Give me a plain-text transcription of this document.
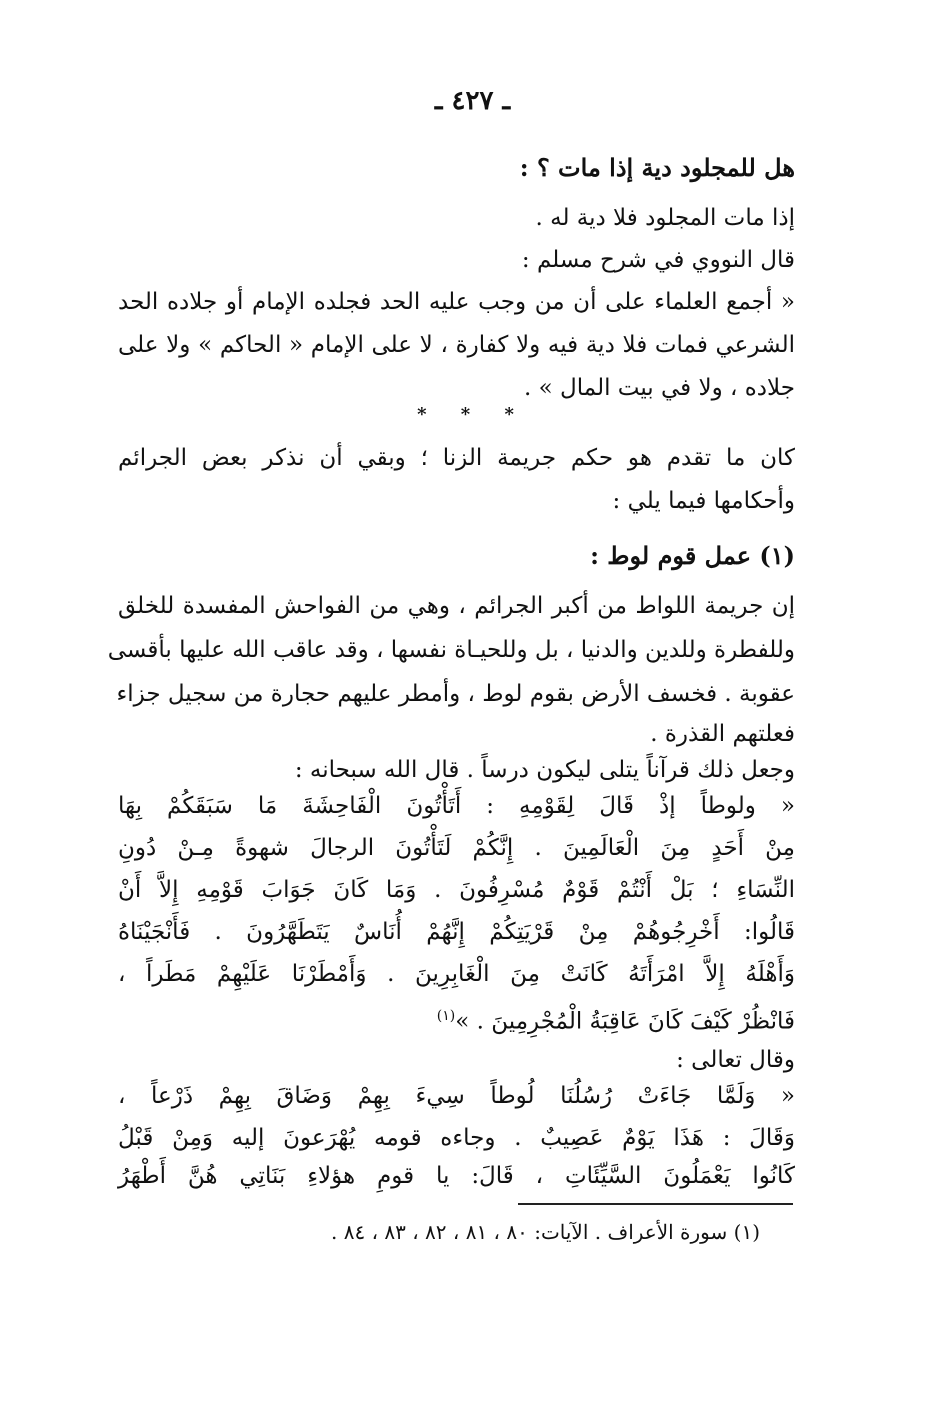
ـ ٤٢٧ ـ
هل للمجلود دية إذا مات ؟ :
إذا مات المجلود فلا دية له .
قال النووي في شرح مسلم :
« أجمع العلماء على أن من وجب عليه الحد فجلده الإمام أو جلاده الحد
الشرعي فمات فلا دية فيه ولا كفارة ، لا على الإمام « الحاكم » ولا على
جلاده ، ولا في بيت المال » .
* * *
كان ما تقدم هو حكم جريمة الزنا ؛ وبقي أن نذكر بعض الجرائم
وأحكامها فيما يلي :
(١) عمل قوم لوط :
إن جريمة اللواط من أكبر الجرائم ، وهي من الفواحش المفسدة للخلق
وللفطرة وللدين والدنيا ، بل وللحيـاة نفسها ، وقد عاقب الله عليها بأقسى
عقوبة . فخسف الأرض بقوم لوط ، وأمطر عليهم حجارة من سجيل جزاء
فعلتهم القذرة .
وجعل ذلك قرآناً يتلى ليكون درساً . قال الله سبحانه :
« ولوطاً إذْ قَالَ لِقَوْمِهِ : أَتَأْتُونَ الْفَاحِشَةَ مَا سَبَقَكُمْ بِهَا
مِنْ أَحَدٍ مِنَ الْعَالَمِينَ . إِنَّكُمْ لَتَأْتُونَ الرجالَ شهوةً مِـنْ دُونِ
النِّسَاءِ ؛ بَلْ أَنْتُمْ قَوْمٌ مُسْرِفُونَ . وَمَا كَانَ جَوَابَ قَوْمِهِ إِلاَّ أَنْ
قَالُوا: أَخْرِجُوهُمْ مِنْ قَرْيَتِكُمْ إِنَّهُمْ أُنَاسٌ يَتَطَهَّرُونَ . فَأَنْجَيْنَاهُ
وَأَهْلَهُ إِلاَّ امْرَأَتَهُ كَانَتْ مِنَ الْغَابِرِينَ . وَأَمْطَرْنَا عَلَيْهِمْ مَطَراً ،
فَانْظُرْ كَيْفَ كَانَ عَاقِبَةُ الْمُجْرِمِينَ . »$^{(١)}$
وقال تعالى :
« وَلَمَّا جَاءَتْ رُسُلُنَا لُوطاً سِيءَ بِهِمْ وَضَاقَ بِهِمْ ذَرْعاً ،
وَقَالَ : هَذَا يَوْمٌ عَصِيبٌ . وجاءه قومه يُهْرَعونَ إليه وَمِنْ قَبْلُ
كَانُوا يَعْمَلُونَ السَّيِّئَاتِ ، قَالَ: يا قومِ هؤلاءِ بَنَاتِي هُنَّ أَطْهَرُ
(١) سورة الأعراف . الآيات: ٨٠ ، ٨١ ، ٨٢ ، ٨٣ ، ٨٤ .
